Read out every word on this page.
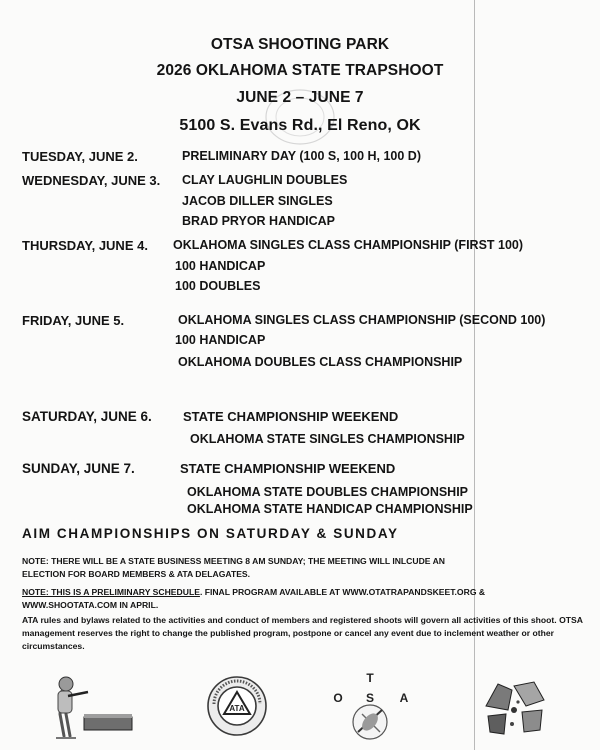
OTSA SHOOTING PARK
2026 OKLAHOMA STATE TRAPSHOOT
JUNE 2 – JUNE 7
5100 S. Evans Rd., El Reno, OK
TUESDAY, JUNE 2.	PRELIMINARY DAY (100 S, 100 H, 100 D)
WEDNESDAY, JUNE 3. CLAY LAUGHLIN DOUBLES
JACOB DILLER SINGLES
BRAD PRYOR HANDICAP
THURSDAY, JUNE 4. OKLAHOMA SINGLES CLASS CHAMPIONSHIP (FIRST 100)
100 HANDICAP
100 DOUBLES
FRIDAY, JUNE 5.	OKLAHOMA SINGLES CLASS CHAMPIONSHIP (SECOND 100)
100 HANDICAP
OKLAHOMA DOUBLES CLASS CHAMPIONSHIP
SATURDAY, JUNE 6. STATE CHAMPIONSHIP WEEKEND
OKLAHOMA STATE SINGLES CHAMPIONSHIP
SUNDAY, JUNE 7.	STATE CHAMPIONSHIP WEEKEND
OKLAHOMA STATE DOUBLES CHAMPIONSHIP
OKLAHOMA STATE HANDICAP CHAMPIONSHIP
AIM CHAMPIONSHIPS ON SATURDAY & SUNDAY
NOTE: THERE WILL BE A STATE BUSINESS MEETING 8 AM SUNDAY; THE MEETING WILL INLCUDE AN
ELECTION FOR BOARD MEMBERS & ATA DELAGATES.
NOTE: THIS IS A PRELIMINARY SCHEDULE. FINAL PROGRAM AVAILABLE AT WWW.OTATRAPANDSKEET.ORG &
WWW.SHOOTATA.COM IN APRIL.
ATA rules and bylaws related to the activities and conduct of members and registered shoots will govern all activities of this shoot. OTSA management reserves the right to change the published program, postpone or cancel any event due to inclement weather or other circumstances.
ATA
T
O S A
